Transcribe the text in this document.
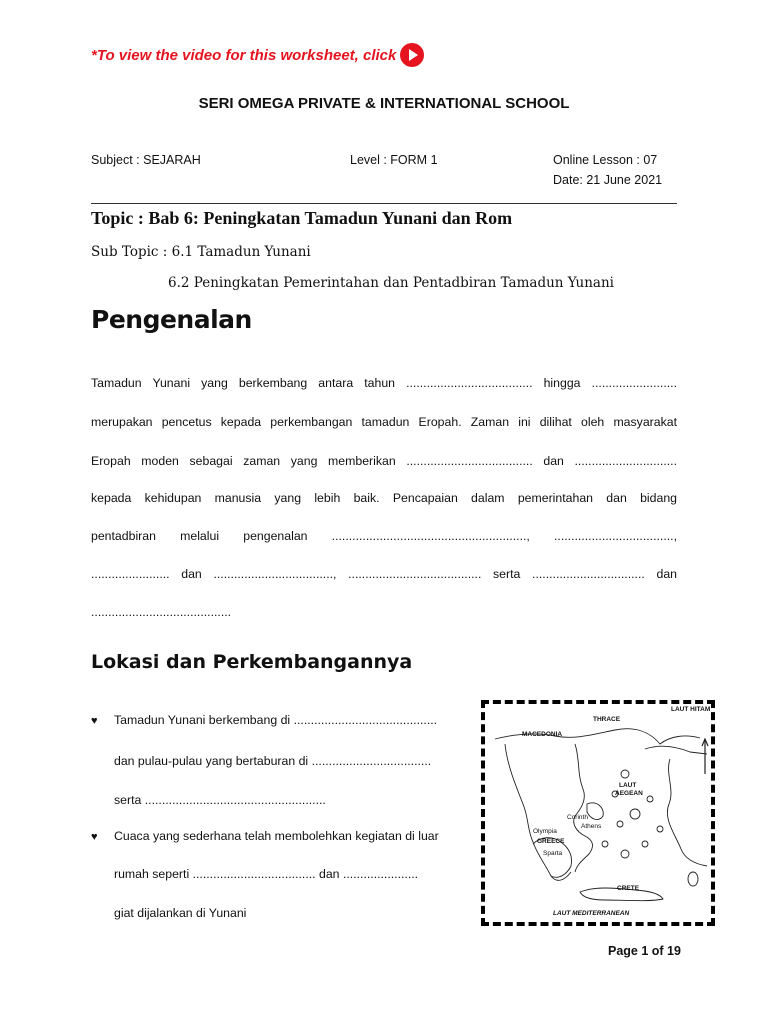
*To view the video for this worksheet, click
SERI OMEGA PRIVATE & INTERNATIONAL SCHOOL
Subject : SEJARAH	Level : FORM 1	Online Lesson : 07
Date: 21 June 2021
Topic : Bab 6: Peningkatan Tamadun Yunani dan Rom
Sub Topic : 6.1 Tamadun Yunani
6.2 Peningkatan Pemerintahan dan Pentadbiran Tamadun Yunani
Pengenalan
Tamadun Yunani yang berkembang antara tahun ..................................... hingga .........................
merupakan pencetus kepada perkembangan tamadun Eropah. Zaman ini dilihat oleh masyarakat
Eropah moden sebagai zaman yang memberikan ..................................... dan ..............................
kepada kehidupan manusia yang lebih baik. Pencapaian dalam pemerintahan dan bidang
pentadbiran melalui pengenalan ........................................................., ...................................,
....................... dan ..................................., ....................................... serta ................................. dan
.........................................
Lokasi dan Perkembangannya
♥ Tamadun Yunani berkembang di ..........................................
dan pulau-pulau yang bertaburan di ...................................
serta .....................................................
♥ Cuaca yang sederhana telah membolehkan kegiatan di luar
rumah seperti .................................... dan ......................
giat dijalankan di Yunani
LAUT HITAM
THRACE
MACEDONIA
LAUT
AEGEAN
Olympia
GREECE
Sparta
Corinth
Athens
CRETE
LAUT MEDITERRANEAN
Page 1 of 19
